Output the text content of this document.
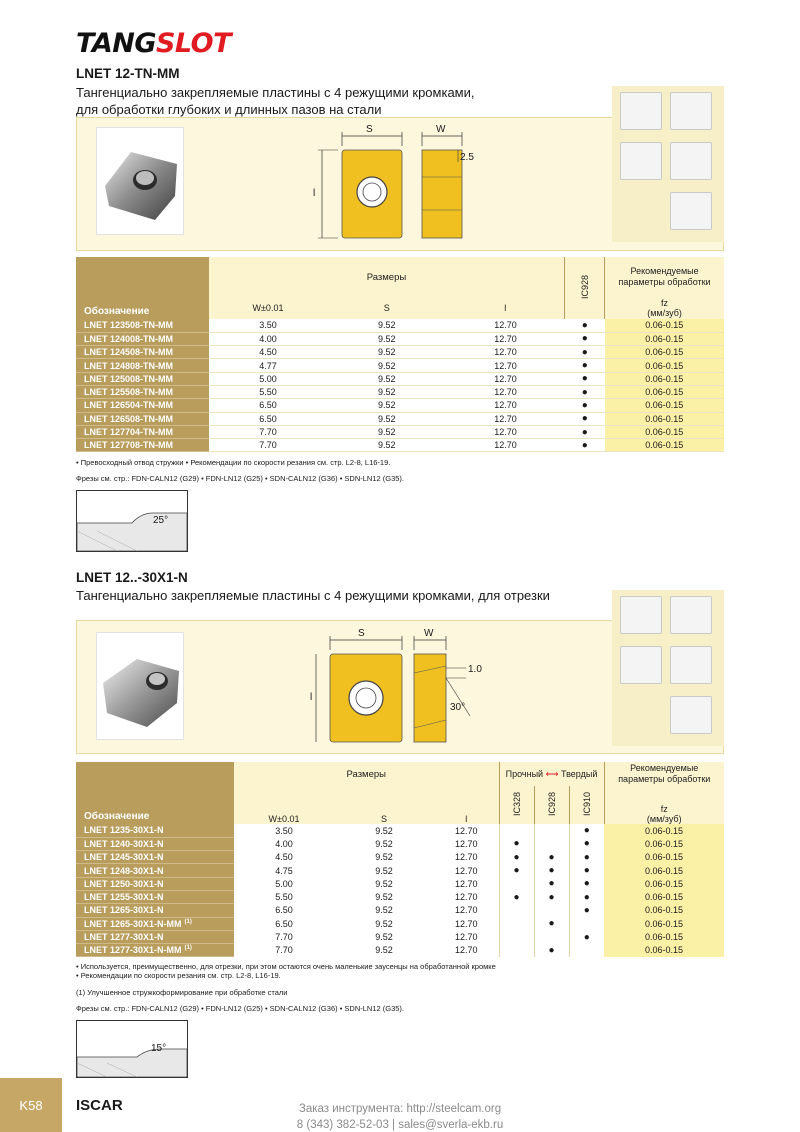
TANGSLOT
LNET 12-TN-MM
Тангенциально закрепляемые пластины с 4 режущими кромками,
для обработки глубоких и длинных пазов на стали
S	W
l
2.5
Обозначение	Размеры			IC928	Рекомендуемые параметры обработки
	W±0.01	S	l		fz
(мм/зуб)
LNET 123508-TN-MM	3.50	9.52	12.70	●	0.06-0.15
LNET 124008-TN-MM	4.00	9.52	12.70	●	0.06-0.15
LNET 124508-TN-MM	4.50	9.52	12.70	●	0.06-0.15
LNET 124808-TN-MM	4.77	9.52	12.70	●	0.06-0.15
LNET 125008-TN-MM	5.00	9.52	12.70	●	0.06-0.15
LNET 125508-TN-MM	5.50	9.52	12.70	●	0.06-0.15
LNET 126504-TN-MM	6.50	9.52	12.70	●	0.06-0.15
LNET 126508-TN-MM	6.50	9.52	12.70	●	0.06-0.15
LNET 127704-TN-MM	7.70	9.52	12.70	●	0.06-0.15
LNET 127708-TN-MM	7.70	9.52	12.70	●	0.06-0.15
• Превосходный отвод стружки • Рекомендации по скорости резания см. стр. L2-8, L16-19.
Фрезы см. стр.: FDN-CALN12 (G29) • FDN-LN12 (G25) • SDN-CALN12 (G36) • SDN-LN12 (G35).
25°
LNET 12..-30X1-N
Тангенциально закрепляемые пластины с 4 режущими кромками, для отрезки
S	W
l
1.0
30°
Обозначение	Размеры			Прочный ⟷ Твердый			Рекомендуемые параметры обработки
	W±0.01	S	l	IC328	IC928	IC910	fz
(мм/зуб)
LNET 1235-30X1-N	3.50	9.52	12.70			●	0.06-0.15
LNET 1240-30X1-N	4.00	9.52	12.70	●		●	0.06-0.15
LNET 1245-30X1-N	4.50	9.52	12.70	●	●	●	0.06-0.15
LNET 1248-30X1-N	4.75	9.52	12.70	●	●	●	0.06-0.15
LNET 1250-30X1-N	5.00	9.52	12.70		●	●	0.06-0.15
LNET 1255-30X1-N	5.50	9.52	12.70	●	●	●	0.06-0.15
LNET 1265-30X1-N	6.50	9.52	12.70			●	0.06-0.15
LNET 1265-30X1-N-MM $^{(1)}$	6.50	9.52	12.70		●		0.06-0.15
LNET 1277-30X1-N	7.70	9.52	12.70			●	0.06-0.15
LNET 1277-30X1-N-MM $^{(1)}$	7.70	9.52	12.70		●		0.06-0.15
• Используется, преимущественно, для отрезки, при этом остаются очень маленькие заусенцы на обработанной кромке
• Рекомендации по скорости резания см. стр. L2-8, L16-19.
(1) Улучшенное стружкоформирование при обработке стали
Фрезы см. стр.: FDN-CALN12 (G29) • FDN-LN12 (G25) • SDN-CALN12 (G36) • SDN-LN12 (G35).
15°
K58	ISCAR	Заказ инструмента: http://steelcam.org
8 (343) 382-52-03 | sales@sverla-ekb.ru
